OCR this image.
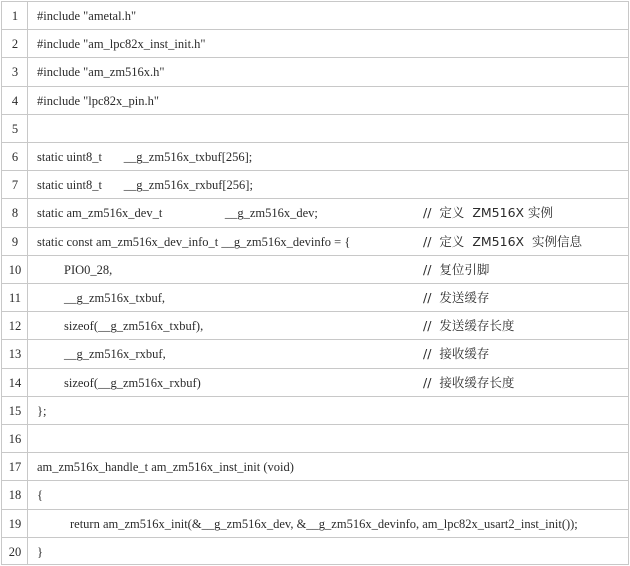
1	#include "ametal.h"
2	#include "am_lpc82x_inst_init.h"
3	#include "am_zm516x.h"
4	#include "lpc82x_pin.h"
5
6	static uint8_t       __g_zm516x_txbuf[256];
7	static uint8_t       __g_zm516x_rxbuf[256];
8	static am_zm516x_dev_t                    __g_zm516x_dev;	//  定义  ZM516X 实例
9	static const am_zm516x_dev_info_t __g_zm516x_devinfo = {	//  定义  ZM516X  实例信息
10	PIO0_28,	//  复位引脚
11	__g_zm516x_txbuf,	//  发送缓存
12	sizeof(__g_zm516x_txbuf),	//  发送缓存长度
13	__g_zm516x_rxbuf,	//  接收缓存
14	sizeof(__g_zm516x_rxbuf)	//  接收缓存长度
15	};
16
17	am_zm516x_handle_t am_zm516x_inst_init (void)
18	{
19	return am_zm516x_init(&__g_zm516x_dev, &__g_zm516x_devinfo, am_lpc82x_usart2_inst_init());
20	}
